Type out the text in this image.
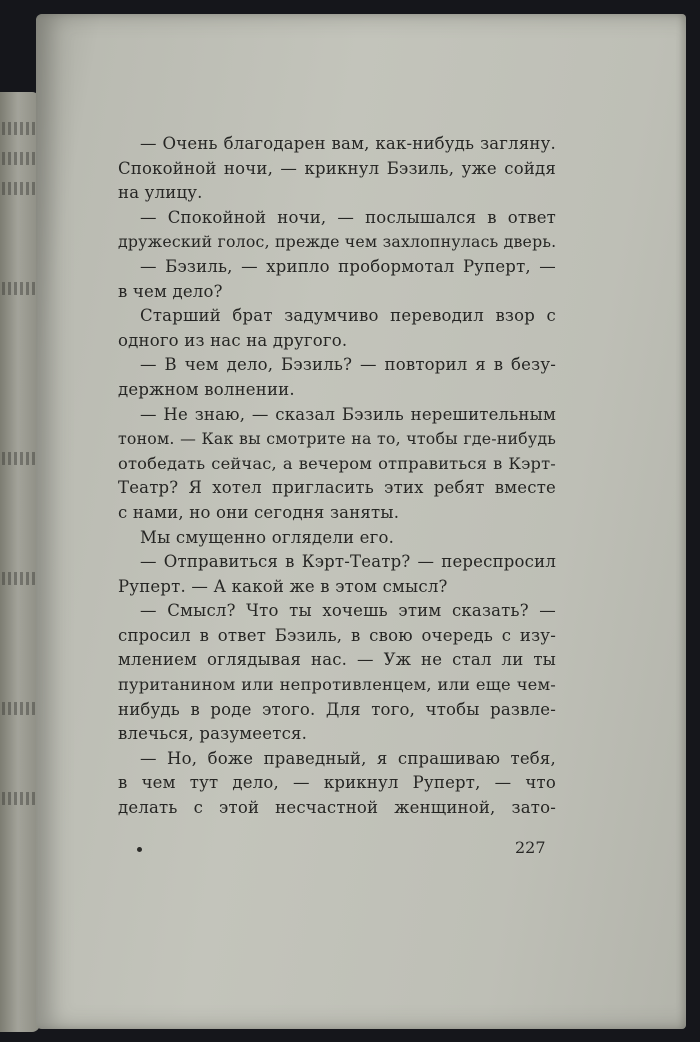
— Очень благодарен вам, как-нибудь загляну.
Спокойной ночи, — крикнул Бэзиль, уже сойдя
на улицу.
— Спокойной ночи, — послышался в ответ
дружеский голос, прежде чем захлопнулась дверь.
— Бэзиль, — хрипло пробормотал Руперт, —
в чем дело?
Старший брат задумчиво переводил взор с
одного из нас на другого.
— В чем дело, Бэзиль? — повторил я в безу-
держном волнении.
— Не знаю, — сказал Бэзиль нерешительным
тоном. — Как вы смотрите на то, чтобы где-нибудь
отобедать сейчас, а вечером отправиться в Кэрт-
Театр? Я хотел пригласить этих ребят вместе
с нами, но они сегодня заняты.
Мы смущенно оглядели его.
— Отправиться в Кэрт-Театр? — переспросил
Руперт. — А какой же в этом смысл?
— Смысл? Что ты хочешь этим сказать? —
спросил в ответ Бэзиль, в свою очередь с изу-
млением оглядывая нас. — Уж не стал ли ты
пуританином или непротивленцем, или еще чем-
нибудь в роде этого. Для того, чтобы развле-
влечься, разумеется.
— Но, боже праведный, я спрашиваю тебя,
в чем тут дело, — крикнул Руперт, — что
делать с этой несчастной женщиной, зато-
227
